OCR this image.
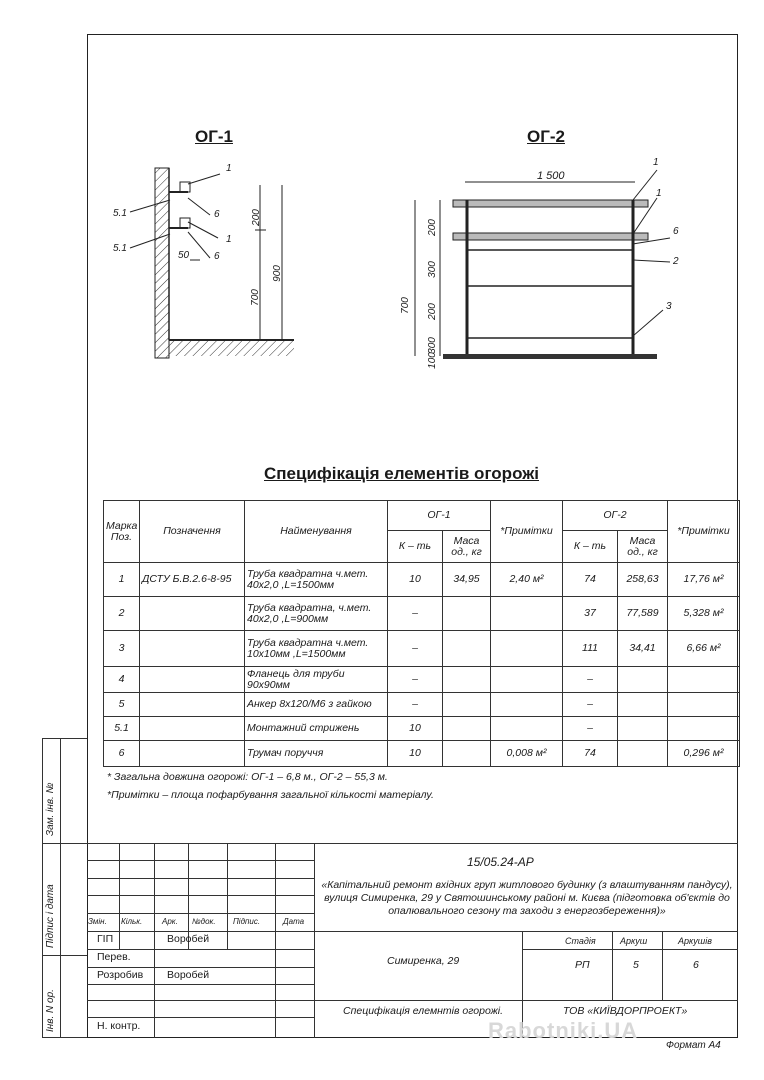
ОГ-1
1
6
1
6
5.1
5.1
50
200
700
900
ОГ-2
1 500
1
1
6
2
3
200
300
200
300
100
700
Специфікація елементів огорожі
Марка Поз.	Позначення	Найменування	ОГ-1		*Примітки	ОГ-2		*Примітки
			К – ть	Маса од., кг		К – ть	Маса од., кг	
1	ДСТУ Б.В.2.6-8-95	Труба квадратна ч.мет. 40х2,0 ,L=1500мм	10	34,95	2,40 м²	74	258,63	17,76 м²
2		Труба квадратна, ч.мет. 40х2,0 ,L=900мм	–			37	77,589	5,328 м²
3		Труба квадратна ч.мет. 10х10мм ,L=1500мм	–			111	34,41	6,66 м²
4		Фланець для труби 90х90мм	–			–		
5		Анкер 8х120/М6 з гайкою	–			–		
5.1		Монтажний стрижень	10			–		
6		Трумач поруччя	10		0,008 м²	74		0,296 м²
* Загальна довжина огорожі: ОГ-1 – 6,8 м., ОГ-2 – 55,3 м.
*Примітки – площа пофарбування загальної кількості матеріалу.
Зам. інв. №
Підпис і дата
Інв. N ор.
15/05.24-АР
«Капітальний ремонт вхідних груп житлового будинку (з влаштуванням пандусу), вулиця Симиренка, 29 у Святошинському районі м. Києва (підготовка об'єктів до опалювального сезону та заходи з енергозбереження)»
Змін. Кільк. Арк. №док. Підпис.	Дата
ГІП
Перев.
Розробив
Н. контр.
Воробей
Воробей
Симиренка, 29
Стадія	Аркуш	Аркушів
РП	5	6
Специфікація елемнтів огорожі.	ТОВ «КИЇВДОРПРОЕКТ»
Формат А4
Rabotniki.UA
